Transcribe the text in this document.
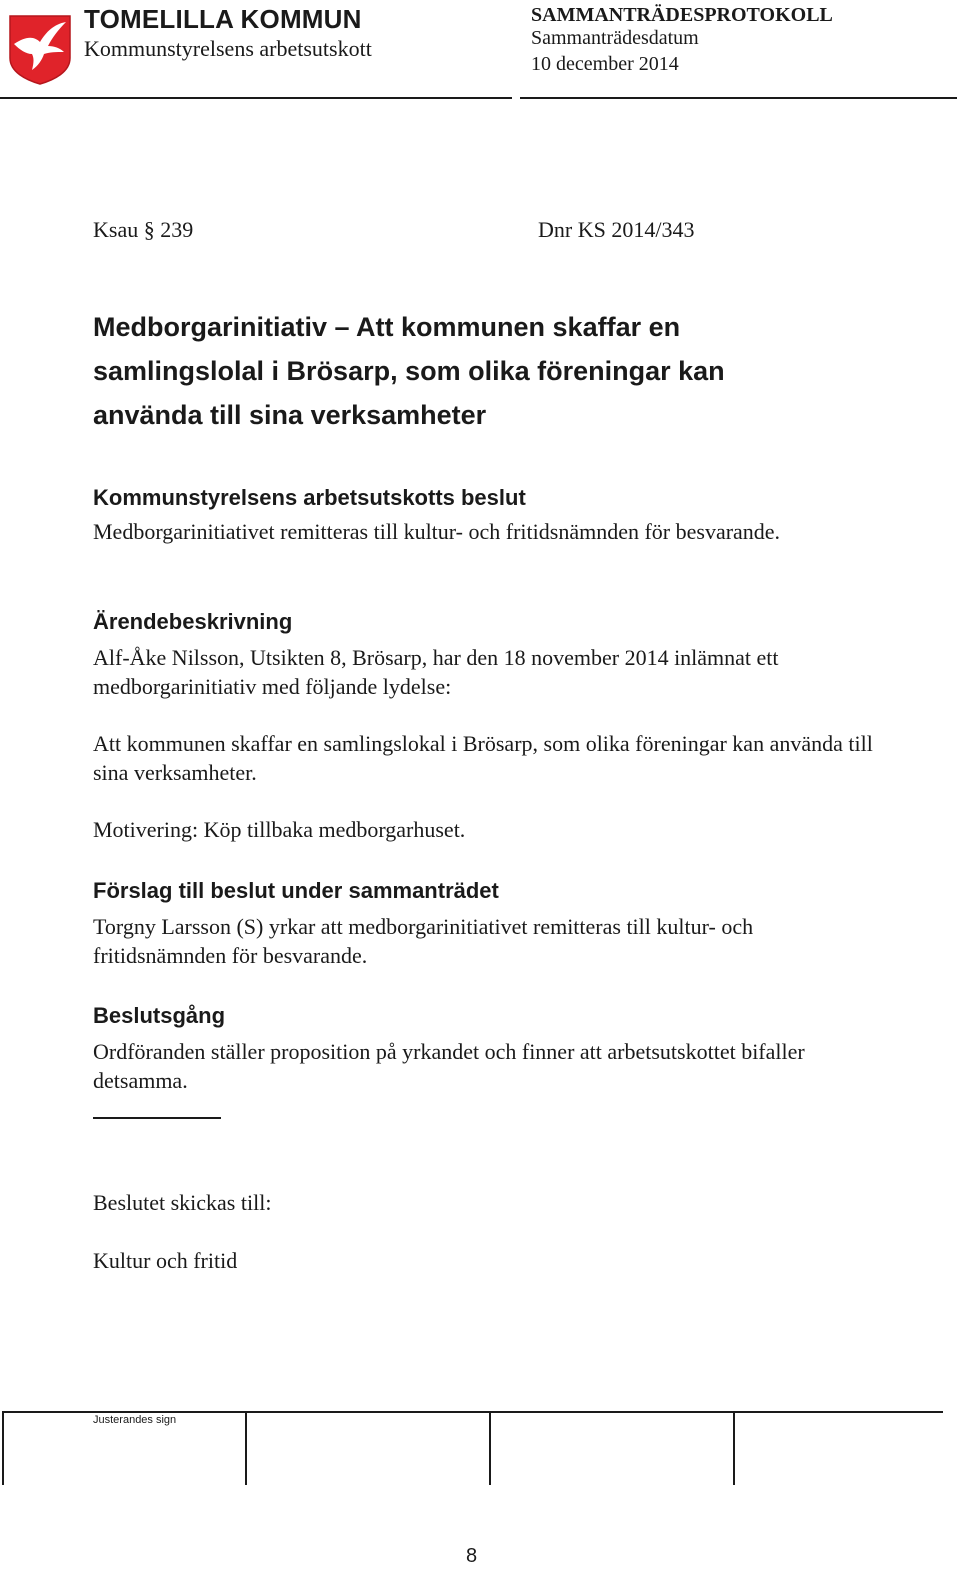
TOMELILLA KOMMUN
Kommunstyrelsens arbetsutskott
SAMMANTRÄDESPROTOKOLL
Sammanträdesdatum
10 december 2014
Ksau § 239	Dnr KS 2014/343
Medborgarinitiativ – Att kommunen skaffar en samlingslolal i Brösarp, som olika föreningar kan använda till sina verksamheter
Kommunstyrelsens arbetsutskotts beslut
Medborgarinitiativet remitteras till kultur- och fritidsnämnden för besvarande.
Ärendebeskrivning
Alf-Åke Nilsson, Utsikten 8, Brösarp, har den 18 november 2014 inlämnat ett medborgarinitiativ med följande lydelse:
Att kommunen skaffar en samlingslokal i Brösarp, som olika föreningar kan använda till sina verksamheter.
Motivering: Köp tillbaka medborgarhuset.
Förslag till beslut under sammanträdet
Torgny Larsson (S) yrkar att medborgarinitiativet remitteras till kultur- och fritidsnämnden för besvarande.
Beslutsgång
Ordföranden ställer proposition på yrkandet och finner att arbetsutskottet bifaller detsamma.
Beslutet skickas till:
Kultur och fritid
Justerandes sign
8
